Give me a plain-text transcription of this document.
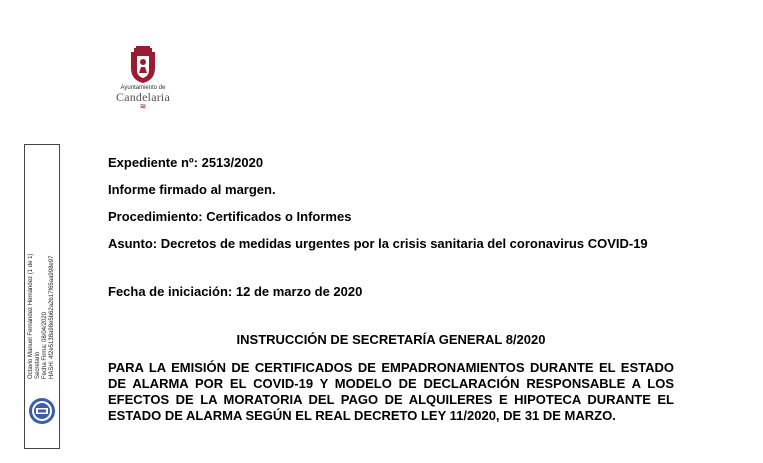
Ayuntamiento de
Candelaria
≋
Octavio Manuel Fernández Hernández (1 de 1) Secretario Fecha Firma: 08/04/2020 HASH: 4f2e5138a98e5b62a2b17f65aa998e97
Expediente nº: 2513/2020
Informe firmado al margen.
Procedimiento: Certificados o Informes
Asunto: Decretos de medidas urgentes por la crisis sanitaria del coronavirus COVID-19
Fecha de iniciación: 12 de marzo de 2020
INSTRUCCIÓN DE SECRETARÍA GENERAL 8/2020
PARA LA EMISIÓN DE CERTIFICADOS DE EMPADRONAMIENTOS DURANTE EL ESTADO DE ALARMA POR EL COVID-19 Y MODELO DE DECLARACIÓN RESPONSABLE A LOS EFECTOS DE LA MORATORIA DEL PAGO DE ALQUILERES E HIPOTECA DURANTE EL ESTADO DE ALARMA SEGÚN EL REAL DECRETO LEY 11/2020, DE 31 DE MARZO.
